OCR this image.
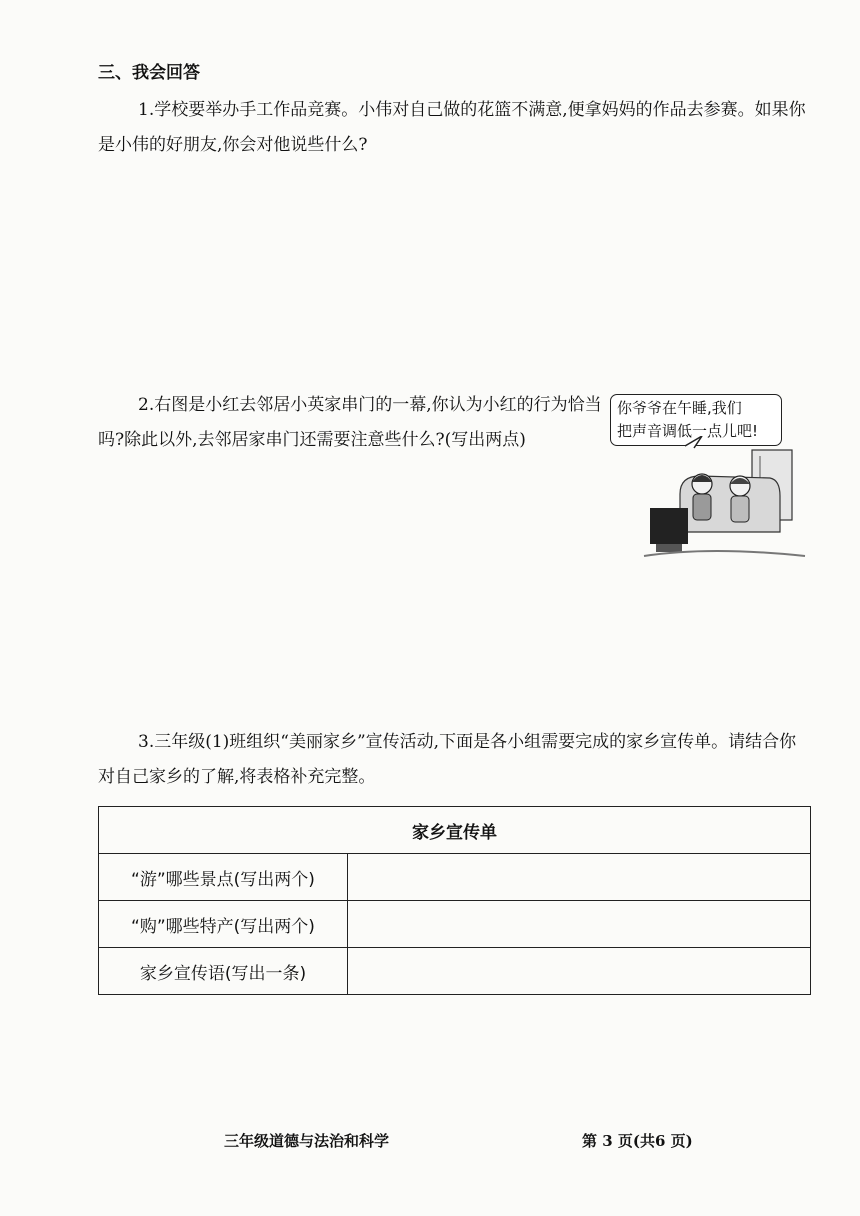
三、我会回答
1.学校要举办手工作品竞赛。小伟对自己做的花篮不满意,便拿妈妈的作品去参赛。如果你是小伟的好朋友,你会对他说些什么?
2.右图是小红去邻居小英家串门的一幕,你认为小红的行为恰当吗?除此以外,去邻居家串门还需要注意些什么?(写出两点)
你爷爷在午睡,我们
把声音调低一点儿吧!
3.三年级(1)班组织“美丽家乡”宣传活动,下面是各小组需要完成的家乡宣传单。请结合你对自己家乡的了解,将表格补充完整。
家乡宣传单	
“游”哪些景点(写出两个)	
“购”哪些特产(写出两个)	
家乡宣传语(写出一条)	
三年级道德与法治和科学	第 3 页(共6 页)
